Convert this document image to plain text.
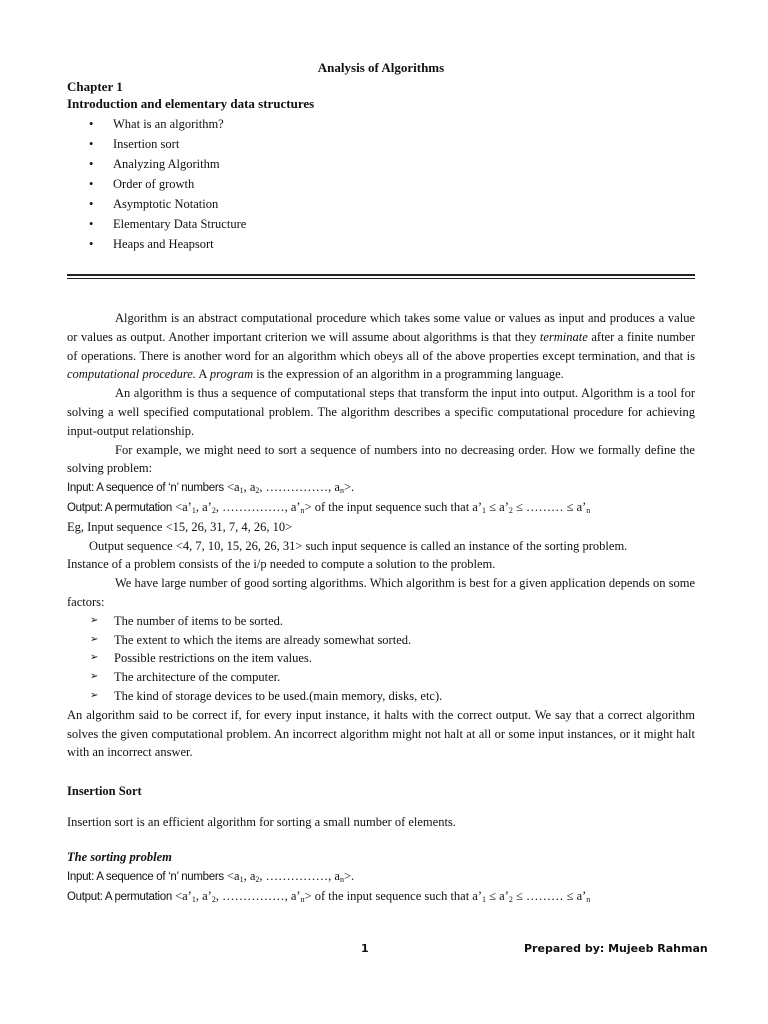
Analysis of Algorithms
Chapter 1
Introduction and elementary data structures
• What is an algorithm?
• Insertion sort
• Analyzing Algorithm
• Order of growth
• Asymptotic Notation
• Elementary Data Structure
• Heaps and Heapsort

Algorithm is an abstract computational procedure which takes some value or values as input and produces a value or values as output. Another important criterion we will assume about algorithms is that they terminate after a finite number of operations. There is another word for an algorithm which obeys all of the above properties except termination, and that is computational procedure. A program is the expression of an algorithm in a programming language.

An algorithm is thus a sequence of computational steps that transform the input into output. Algorithm is a tool for solving a well specified computational problem. The algorithm describes a specific computational procedure for achieving input-output relationship.

For example, we might need to sort a sequence of numbers into no decreasing order. How we formally define the solving problem:

Input: A sequence of ‘n’ numbers $<a_1$, $a_2$, ……………, $a_n>$.
Output: A permutation $<a’_1$, $a’_2$, ……………, $a’_n>$ of the input sequence such that $a’_1$ ≤ $a’_2$ ≤ ……… ≤ $a’_n$

Eg, Input sequence <15, 26, 31, 7, 4, 26, 10>

Output sequence <4, 7, 10, 15, 26, 26, 31> such input sequence is called an instance of the sorting problem.

Instance of a problem consists of the i/p needed to compute a solution to the problem.

We have large number of good sorting algorithms. Which algorithm is best for a given application depends on some factors:

➢ The number of items to be sorted.
➢ The extent to which the items are already somewhat sorted.
➢ Possible restrictions on the item values.
➢ The architecture of the computer.
➢ The kind of storage devices to be used.(main memory, disks, etc).

An algorithm said to be correct if, for every input instance, it halts with the correct output. We say that a correct algorithm solves the given computational problem. An incorrect algorithm might not halt at all or some input instances, or it might halt with an incorrect answer.

Insertion Sort

Insertion sort is an efficient algorithm for sorting a small number of elements.

The sorting problem
Input: A sequence of ‘n’ numbers $<a_1$, $a_2$, ……………, $a_n>$.
Output: A permutation $<a’_1$, $a’_2$, ……………, $a’_n>$ of the input sequence such that $a’_1$ ≤ $a’_2$ ≤ ……… ≤ $a’_n$
1	Prepared by: Mujeeb Rahman
